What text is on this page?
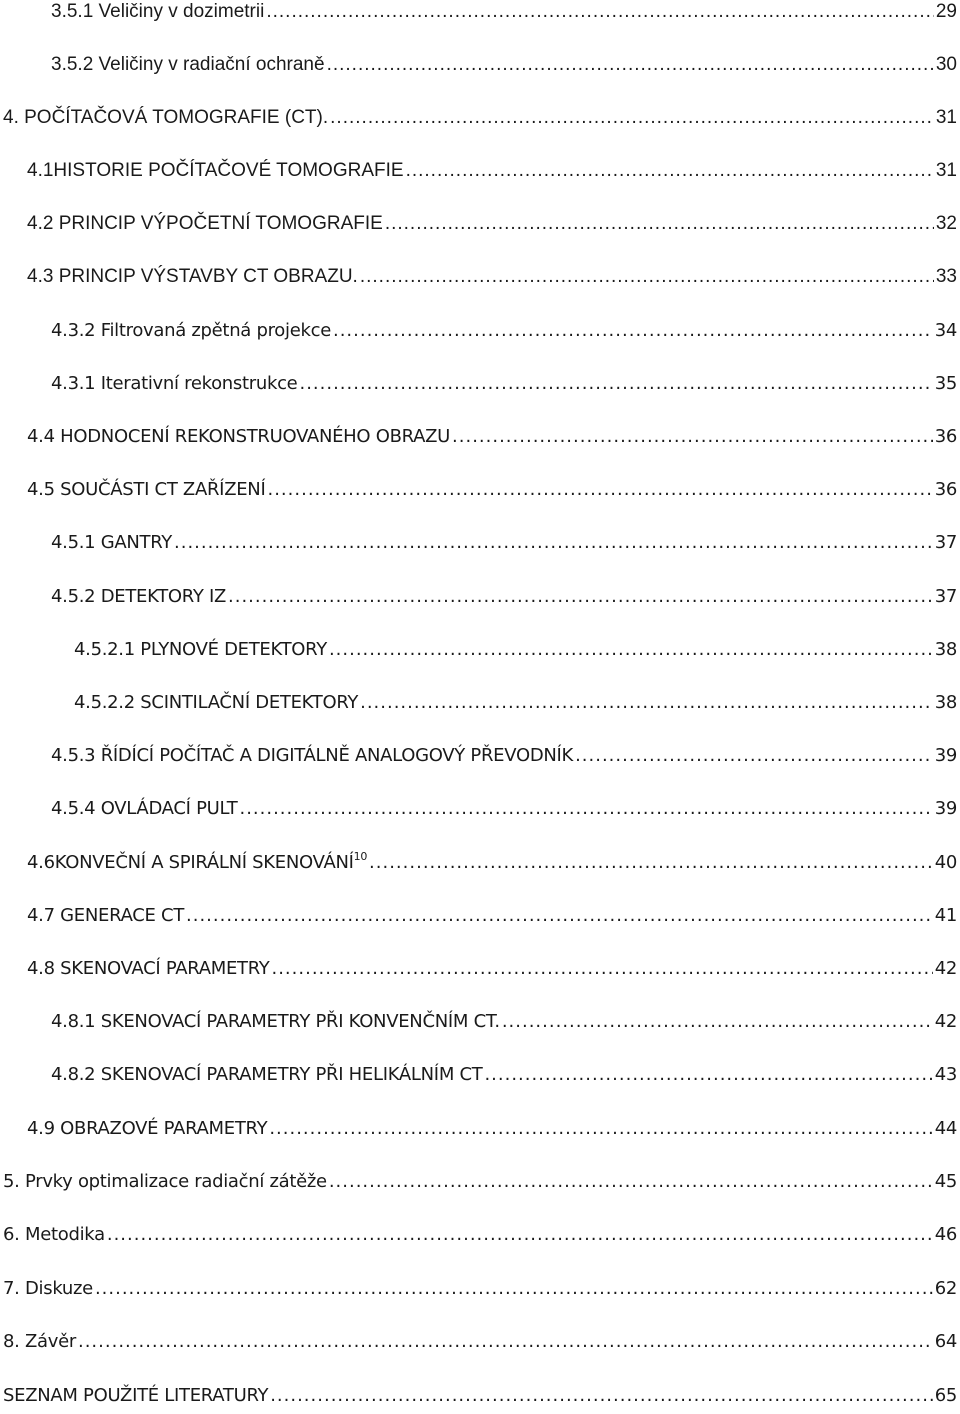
3.5.1 Veličiny v dozimetrii .....	29
3.5.2 Veličiny v radiační ochraně .....	30
4. POČÍTAČOVÁ TOMOGRAFIE (CT). .....	31
4.1HISTORIE POČÍTAČOVÉ TOMOGRAFIE .....	31
4.2 PRINCIP VÝPOČETNÍ TOMOGRAFIE .....	32
4.3 PRINCIP VÝSTAVBY CT OBRAZU. .....	33
4.3.2 Filtrovaná zpětná projekce .....	34
4.3.1 Iterativní rekonstrukce .....	35
4.4 HODNOCENÍ REKONSTRUOVANÉHO OBRAZU .....	36
4.5 SOUČÁSTI CT ZAŘÍZENÍ .....	36
4.5.1 GANTRY .....	37
4.5.2 DETEKTORY IZ .....	37
4.5.2.1 PLYNOVÉ DETEKTORY .....	38
4.5.2.2 SCINTILAČNÍ DETEKTORY .....	38
4.5.3 ŘÍDÍCÍ POČÍTAČ A DIGITÁLNĚ ANALOGOVÝ PŘEVODNÍK .....	39
4.5.4 OVLÁDACÍ PULT .....	39
4.6KONVEČNÍ A SPIRÁLNÍ SKENOVÁNÍ$^{10}$ .....	40
4.7 GENERACE CT .....	41
4.8 SKENOVACÍ PARAMETRY .....	42
4.8.1 SKENOVACÍ PARAMETRY PŘI KONVENČNÍM CT. .....	42
4.8.2 SKENOVACÍ PARAMETRY PŘI HELIKÁLNÍM CT .....	43
4.9 OBRAZOVÉ PARAMETRY .....	44
5. Prvky optimalizace radiační zátěže .....	45
6. Metodika .....	46
7. Diskuze .....	62
8. Závěr .....	64
SEZNAM POUŽITÉ LITERATURY .....	65
